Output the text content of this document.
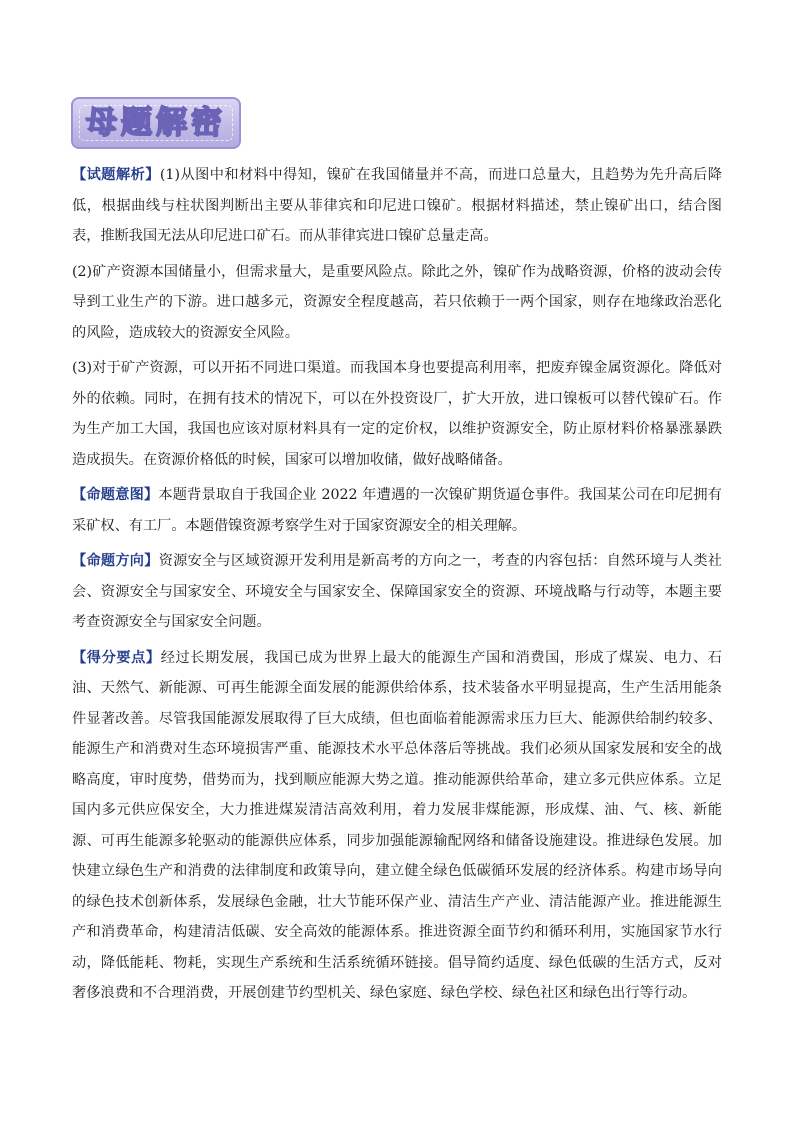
母题解密

【试题解析】(1)从图中和材料中得知，镍矿在我国储量并不高，而进口总量大，且趋势为先升高后降低，根据曲线与柱状图判断出主要从菲律宾和印尼进口镍矿。根据材料描述，禁止镍矿出口，结合图表，推断我国无法从印尼进口矿石。而从菲律宾进口镍矿总量走高。

(2)矿产资源本国储量小，但需求量大，是重要风险点。除此之外，镍矿作为战略资源，价格的波动会传导到工业生产的下游。进口越多元，资源安全程度越高，若只依赖于一两个国家，则存在地缘政治恶化的风险，造成较大的资源安全风险。

(3)对于矿产资源，可以开拓不同进口渠道。而我国本身也要提高利用率，把废弃镍金属资源化。降低对外的依赖。同时，在拥有技术的情况下，可以在外投资设厂，扩大开放，进口镍板可以替代镍矿石。作为生产加工大国，我国也应该对原材料具有一定的定价权，以维护资源安全，防止原材料价格暴涨暴跌造成损失。在资源价格低的时候，国家可以增加收储，做好战略储备。

【命题意图】本题背景取自于我国企业 2022 年遭遇的一次镍矿期货逼仓事件。我国某公司在印尼拥有采矿权、有工厂。本题借镍资源考察学生对于国家资源安全的相关理解。

【命题方向】资源安全与区域资源开发利用是新高考的方向之一，考查的内容包括：自然环境与人类社会、资源安全与国家安全、环境安全与国家安全、保障国家安全的资源、环境战略与行动等，本题主要考查资源安全与国家安全问题。

【得分要点】经过长期发展，我国已成为世界上最大的能源生产国和消费国，形成了煤炭、电力、石油、天然气、新能源、可再生能源全面发展的能源供给体系，技术装备水平明显提高，生产生活用能条件显著改善。尽管我国能源发展取得了巨大成绩，但也面临着能源需求压力巨大、能源供给制约较多、能源生产和消费对生态环境损害严重、能源技术水平总体落后等挑战。我们必须从国家发展和安全的战略高度，审时度势，借势而为，找到顺应能源大势之道。推动能源供给革命，建立多元供应体系。立足国内多元供应保安全，大力推进煤炭清洁高效利用，着力发展非煤能源，形成煤、油、气、核、新能源、可再生能源多轮驱动的能源供应体系，同步加强能源输配网络和储备设施建设。推进绿色发展。加快建立绿色生产和消费的法律制度和政策导向，建立健全绿色低碳循环发展的经济体系。构建市场导向的绿色技术创新体系，发展绿色金融，壮大节能环保产业、清洁生产产业、清洁能源产业。推进能源生产和消费革命，构建清洁低碳、安全高效的能源体系。推进资源全面节约和循环利用，实施国家节水行动，降低能耗、物耗，实现生产系统和生活系统循环链接。倡导简约适度、绿色低碳的生活方式，反对奢侈浪费和不合理消费，开展创建节约型机关、绿色家庭、绿色学校、绿色社区和绿色出行等行动。
